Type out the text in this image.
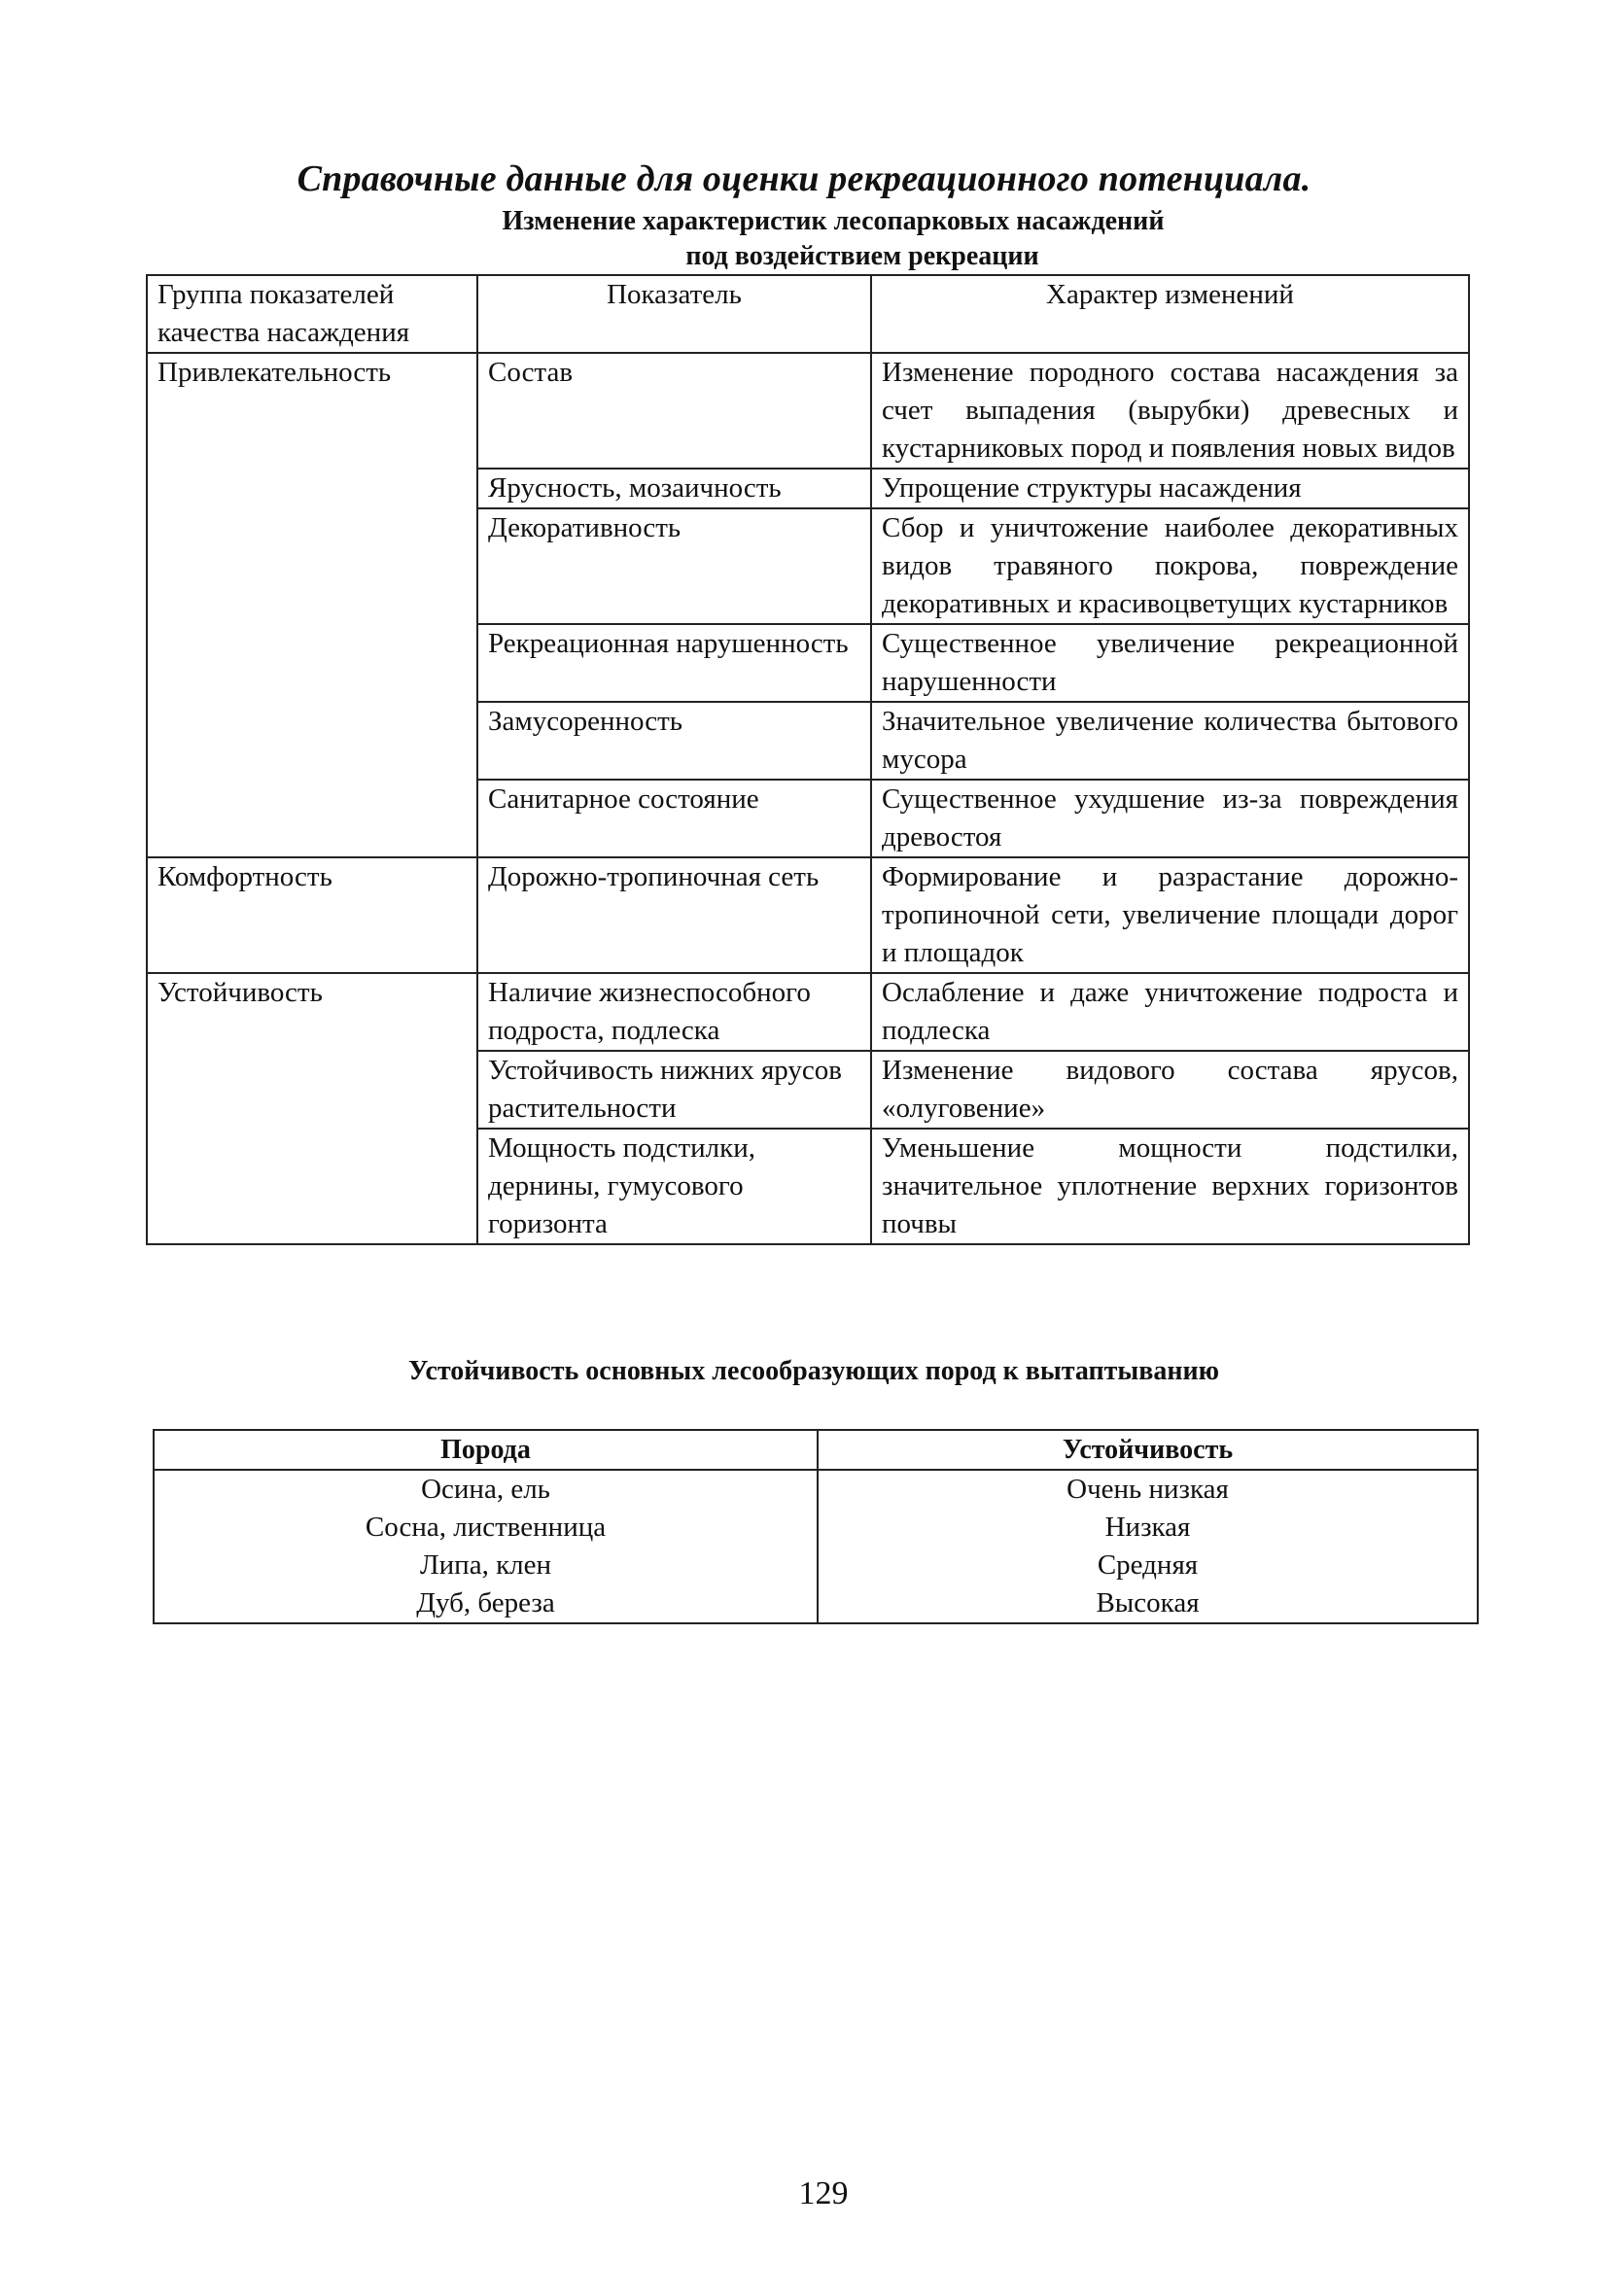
Справочные данные для оценки рекреационного потенциала.
Изменение характеристик лесопарковых насаждений
под воздействием рекреации
Группа показателей качества насаждения	Показатель	Характер изменений
Привлекательность	Состав	Изменение породного состава насаждения за счет выпадения (вырубки) древесных и кустарниковых пород и появления новых видов
	Ярусность, мозаичность	Упрощение структуры насаждения
	Декоративность	Сбор и уничтожение наиболее декоративных видов травяного покрова, повреждение декоративных и красивоцветущих кустарников
	Рекреационная нарушенность	Существенное увеличение рекреационной нарушенности
	Замусоренность	Значительное увеличение количества бытового мусора
	Санитарное состояние	Существенное ухудшение из-за повреждения древостоя
Комфортность	Дорожно-тропиночная сеть	Формирование и разрастание дорожно-тропиночной сети, увеличение площади дорог и площадок
Устойчивость	Наличие жизнеспособного подроста, подлеска	Ослабление и даже уничтожение подроста и подлеска
	Устойчивость нижних ярусов растительности	Изменение видового состава ярусов, «олуговение»
	Мощность подстилки, дернины, гумусового горизонта	Уменьшение мощности подстилки, значительное уплотнение верхних горизонтов почвы
Устойчивость основных лесообразующих пород к вытаптыванию
Порода	Устойчивость
Осина, ель	Очень низкая
Сосна, лиственница	Низкая
Липа, клен	Средняя
Дуб, береза	Высокая
129
